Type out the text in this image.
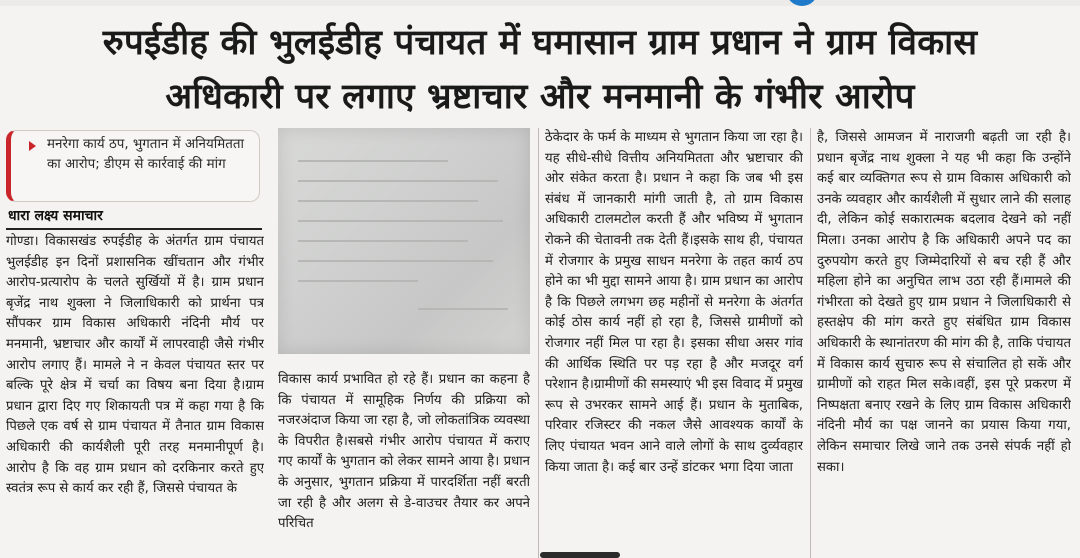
रुपईडीह की भुलईडीह पंचायत में घमासान ग्राम प्रधान ने ग्राम विकास
अधिकारी पर लगाए भ्रष्टाचार और मनमानी के गंभीर आरोप
मनरेगा कार्य ठप, भुगतान में अनियमितता का आरोप; डीएम से कार्रवाई की मांग
धारा लक्ष्य समाचार

गोण्डा। विकासखंड रुपईडीह के अंतर्गत ग्राम पंचायत भुलईडीह इन दिनों प्रशासनिक खींचतान और गंभीर आरोप-प्रत्यारोप के चलते सुर्खियों में है। ग्राम प्रधान बृजेंद्र नाथ शुक्ला ने जिलाधिकारी को प्रार्थना पत्र सौंपकर ग्राम विकास अधिकारी नंदिनी मौर्य पर मनमानी, भ्रष्टाचार और कार्यों में लापरवाही जैसे गंभीर आरोप लगाए हैं। मामले ने न केवल पंचायत स्तर पर बल्कि पूरे क्षेत्र में चर्चा का विषय बना दिया है।ग्राम प्रधान द्वारा दिए गए शिकायती पत्र में कहा गया है कि पिछले एक वर्ष से ग्राम पंचायत में तैनात ग्राम विकास अधिकारी की कार्यशैली पूरी तरह मनमानीपूर्ण है। आरोप है कि वह ग्राम प्रधान को दरकिनार करते हुए स्वतंत्र रूप से कार्य कर रही हैं, जिससे पंचायत के

विकास कार्य प्रभावित हो रहे हैं। प्रधान का कहना है कि पंचायत में सामूहिक निर्णय की प्रक्रिया को नजरअंदाज किया जा रहा है, जो लोकतांत्रिक व्यवस्था के विपरीत है।सबसे गंभीर आरोप पंचायत में कराए गए कार्यों के भुगतान को लेकर सामने आया है। प्रधान के अनुसार, भुगतान प्रक्रिया में पारदर्शिता नहीं बरती जा रही है और अलग से डे-वाउचर तैयार कर अपने परिचित

ठेकेदार के फर्म के माध्यम से भुगतान किया जा रहा है। यह सीधे-सीधे वित्तीय अनियमितता और भ्रष्टाचार की ओर संकेत करता है। प्रधान ने कहा कि जब भी इस संबंध में जानकारी मांगी जाती है, तो ग्राम विकास अधिकारी टालमटोल करती हैं और भविष्य में भुगतान रोकने की चेतावनी तक देती हैं।इसके साथ ही, पंचायत में रोजगार के प्रमुख साधन मनरेगा के तहत कार्य ठप होने का भी मुद्दा सामने आया है। ग्राम प्रधान का आरोप है कि पिछले लगभग छह महीनों से मनरेगा के अंतर्गत कोई ठोस कार्य नहीं हो रहा है, जिससे ग्रामीणों को रोजगार नहीं मिल पा रहा है। इसका सीधा असर गांव की आर्थिक स्थिति पर पड़ रहा है और मजदूर वर्ग परेशान है।ग्रामीणों की समस्याएं भी इस विवाद में प्रमुख रूप से उभरकर सामने आई हैं। प्रधान के मुताबिक, परिवार रजिस्टर की नकल जैसे आवश्यक कार्यों के लिए पंचायत भवन आने वाले लोगों के साथ दुर्व्यवहार किया जाता है। कई बार उन्हें डांटकर भगा दिया जाता

है, जिससे आमजन में नाराजगी बढ़ती जा रही है।प्रधान बृजेंद्र नाथ शुक्ला ने यह भी कहा कि उन्होंने कई बार व्यक्तिगत रूप से ग्राम विकास अधिकारी को उनके व्यवहार और कार्यशैली में सुधार लाने की सलाह दी, लेकिन कोई सकारात्मक बदलाव देखने को नहीं मिला। उनका आरोप है कि अधिकारी अपने पद का दुरुपयोग करते हुए जिम्मेदारियों से बच रही हैं और महिला होने का अनुचित लाभ उठा रही हैं।मामले की गंभीरता को देखते हुए ग्राम प्रधान ने जिलाधिकारी से हस्तक्षेप की मांग करते हुए संबंधित ग्राम विकास अधिकारी के स्थानांतरण की मांग की है, ताकि पंचायत में विकास कार्य सुचारु रूप से संचालित हो सकें और ग्रामीणों को राहत मिल सके।वहीं, इस पूरे प्रकरण में निष्पक्षता बनाए रखने के लिए ग्राम विकास अधिकारी नंदिनी मौर्य का पक्ष जानने का प्रयास किया गया, लेकिन समाचार लिखे जाने तक उनसे संपर्क नहीं हो सका।
